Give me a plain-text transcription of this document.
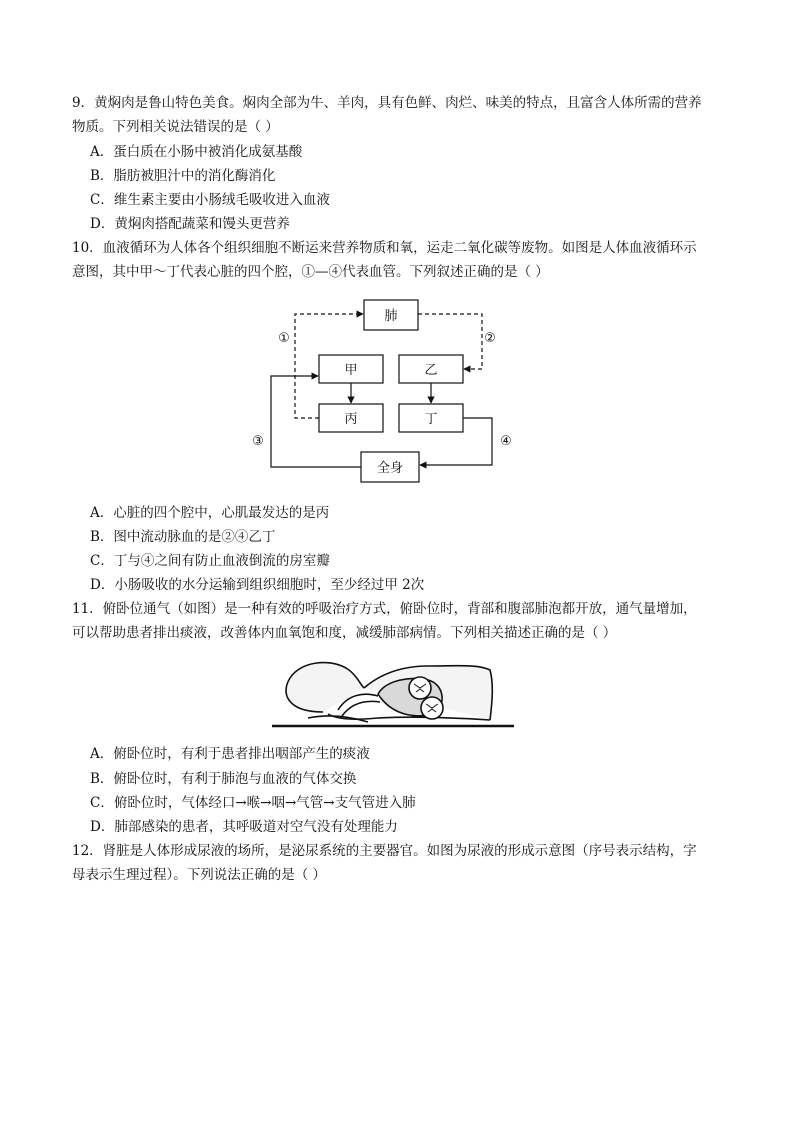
9．黄焖肉是鲁山特色美食。焖肉全部为牛、羊肉，具有色鲜、肉烂、味美的特点，且富含人体所需的营养
物质。下列相关说法错误的是（ ）
A．蛋白质在小肠中被消化成氨基酸
B．脂肪被胆汁中的消化酶消化
C．维生素主要由小肠绒毛吸收进入血液
D．黄焖肉搭配蔬菜和馒头更营养
10．血液循环为人体各个组织细胞不断运来营养物质和氧，运走二氧化碳等废物。如图是人体血液循环示
意图，其中甲～丁代表心脏的四个腔，①—④代表血管。下列叙述正确的是（ ）
肺
甲	乙
丙	丁
全身
①	②
③	④
A．心脏的四个腔中，心肌最发达的是丙
B．图中流动脉血的是②④乙丁
C．丁与④之间有防止血液倒流的房室瓣
D．小肠吸收的水分运输到组织细胞时，至少经过甲 2次
11．俯卧位通气（如图）是一种有效的呼吸治疗方式，俯卧位时，背部和腹部肺泡都开放，通气量增加，
可以帮助患者排出痰液，改善体内血氧饱和度，减缓肺部病情。下列相关描述正确的是（ ）
A．俯卧位时，有利于患者排出咽部产生的痰液
B．俯卧位时，有利于肺泡与血液的气体交换
C．俯卧位时，气体经口→喉→咽→气管→支气管进入肺
D．肺部感染的患者，其呼吸道对空气没有处理能力
12．肾脏是人体形成尿液的场所，是泌尿系统的主要器官。如图为尿液的形成示意图（序号表示结构，字
母表示生理过程）。下列说法正确的是（ ）
